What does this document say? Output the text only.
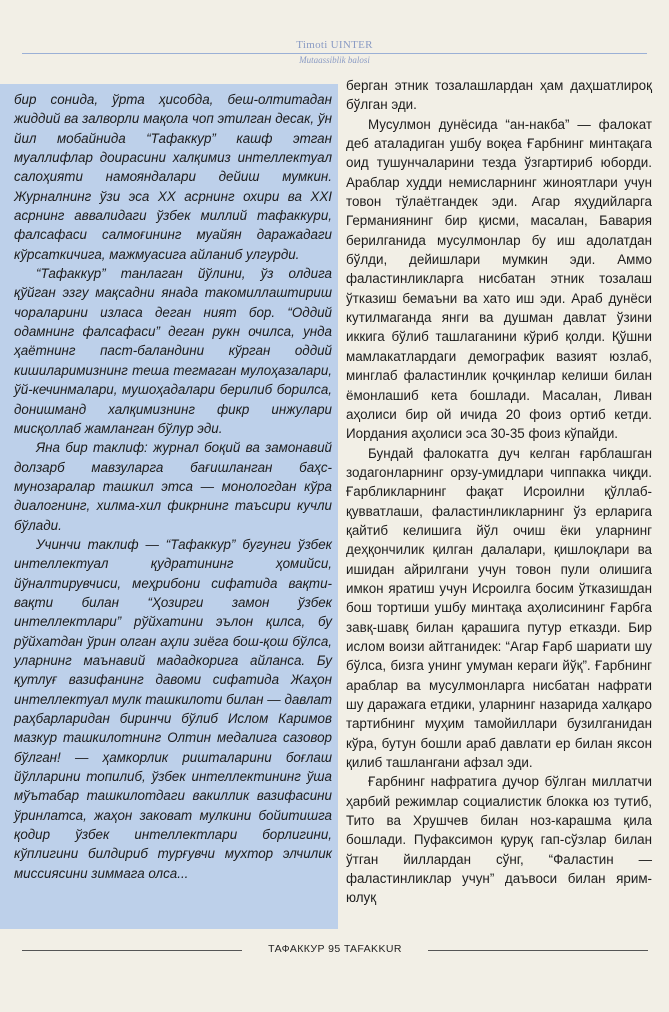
Timoti UINTER
Mutaassiblik balosi

бир сонида, ўрта ҳисобда, беш-олтитадан жиддий ва залворли мақола чоп этилган десак, ўн йил мобайнида “Тафаккур” кашф этган муаллифлар доирасини халқимиз интеллектуал салоҳияти намояндалари дейиш мумкин. Журналнинг ўзи эса XX асрнинг охири ва XXI асрнинг аввалидаги ўзбек миллий тафаккури, фалсафаси салмоғининг муайян даражадаги кўрсаткичига, мажмуасига айланиб улгурди.

“Тафаккур” танлаган йўлини, ўз олдига қўйган эзгу мақсадни янада такомиллаштириш чораларини изласа деган ният бор. “Оддий одамнинг фалсафаси” деган рукн очилса, унда ҳаётнинг паст-баландини кўрган оддий кишиларимизнинг теша тегмаган мулоҳазалари, ўй-кечинмалари, мушоҳадалари берилиб борилса, донишманд халқимизнинг фикр инжулари мисқоллаб жамланган бўлур эди.

Яна бир таклиф: журнал боқий ва замонавий долзарб мавзуларга бағишланган баҳс-мунозаралар ташкил этса — монологдан кўра диалогнинг, хилма-хил фикрнинг таъсири кучли бўлади.

Учинчи таклиф — “Тафаккур” бугунги ўзбек интеллектуал қудратининг ҳомийси, йўналтирувчиси, меҳрибони сифатида вақти-вақти билан “Ҳозирги замон ўзбек интеллектлари” рўйхатини эълон қилса, бу рўйхатдан ўрин олган аҳли зиёга бош-қош бўлса, уларнинг маънавий мададкорига айланса. Бу қутлуғ вазифанинг давоми сифатида Жаҳон интеллектуал мулк ташкилоти билан — давлат раҳбарларидан биринчи бўлиб Ислом Каримов мазкур ташкилотнинг Олтин медалига сазовор бўлган! — ҳамкорлик риштaларини боғлаш йўлларини топилиб, ўзбек интеллектининг ўша мўътабар ташкилотдаги вакиллик вазифасини ўринлатса, жаҳон заковат мулкини бойитишга қодир ўзбек интеллектлари борлигини, кўплигини билдириб турғувчи мухтор элчилик миссиясини зиммага олса...

берган этник тозалашлардан ҳам даҳшатлироқ бўлган эди.

Мусулмон дунёсида “ан-накба” — фалокат деб аталадиган ушбу воқеа Ғарбнинг минтақага оид тушунчаларини тезда ўзгартириб юборди. Араблар худди немисларнинг жиноятлари учун товон тўлаётгандек эди. Агар яҳудийларга Германиянинг бир қисми, масалан, Бавария берилганида мусулмонлар бу иш адолатдан бўлди, дейишлари мумкин эди. Аммо фаластинликларга нисбатан этник тозалаш ўтказиш бемаъни ва хато иш эди. Араб дунёси кутилмаганда янги ва душман давлат ўзини иккига бўлиб ташлаганини кўриб қолди. Қўшни мамлакатлардаги демографик вазият юзлаб, минглаб фаластинлик қочқинлар келиши билан ёмонлашиб кета бошлади. Масалан, Ливан аҳолиси бир ой ичида 20 фоиз ортиб кетди. Иордания аҳолиси эса 30-35 фоиз кўпайди.

Бундай фалокатга дуч келган ғарблашган зодагонларнинг орзу-умидлари чиппакка чиқди. Ғарбликларнинг фақат Исроилни қўллаб-қувватлаши, фаластинликларнинг ўз ерларига қайтиб келишига йўл очиш ёки уларнинг деҳқончилик қилган далалари, қишлоқлари ва ишидан айрилгани учун товон пули олишига имкон яратиш учун Исроилга босим ўтказишдан бош тортиши ушбу минтақа аҳолисининг Ғарбга завқ-шавқ билан қарашига путур етказди. Бир ислом воизи айтганидек: “Агар Ғарб шариати шу бўлса, бизга унинг умуман кераги йўқ”. Ғарбнинг араблар ва мусулмонларга нисбатан нафрати шу даражага етдики, уларнинг назарида халқаро тартибнинг муҳим тамойиллари бузилганидан кўра, бутун бошли араб давлати ер билан яксон қилиб ташлангани афзал эди.

Ғарбнинг нафратига дучор бўлган миллатчи ҳарбий режимлар социалистик блокка юз тутиб, Тито ва Хрушчев билан ноз-карашма қила бошлади. Пуфаксимон қуруқ гап-сўзлар билан ўтган йиллардан сўнг, “Фаластин — фаластинликлар учун” даъвоси билан ярим-юлуқ

ТАФАККУР 95 TAFAKKUR
